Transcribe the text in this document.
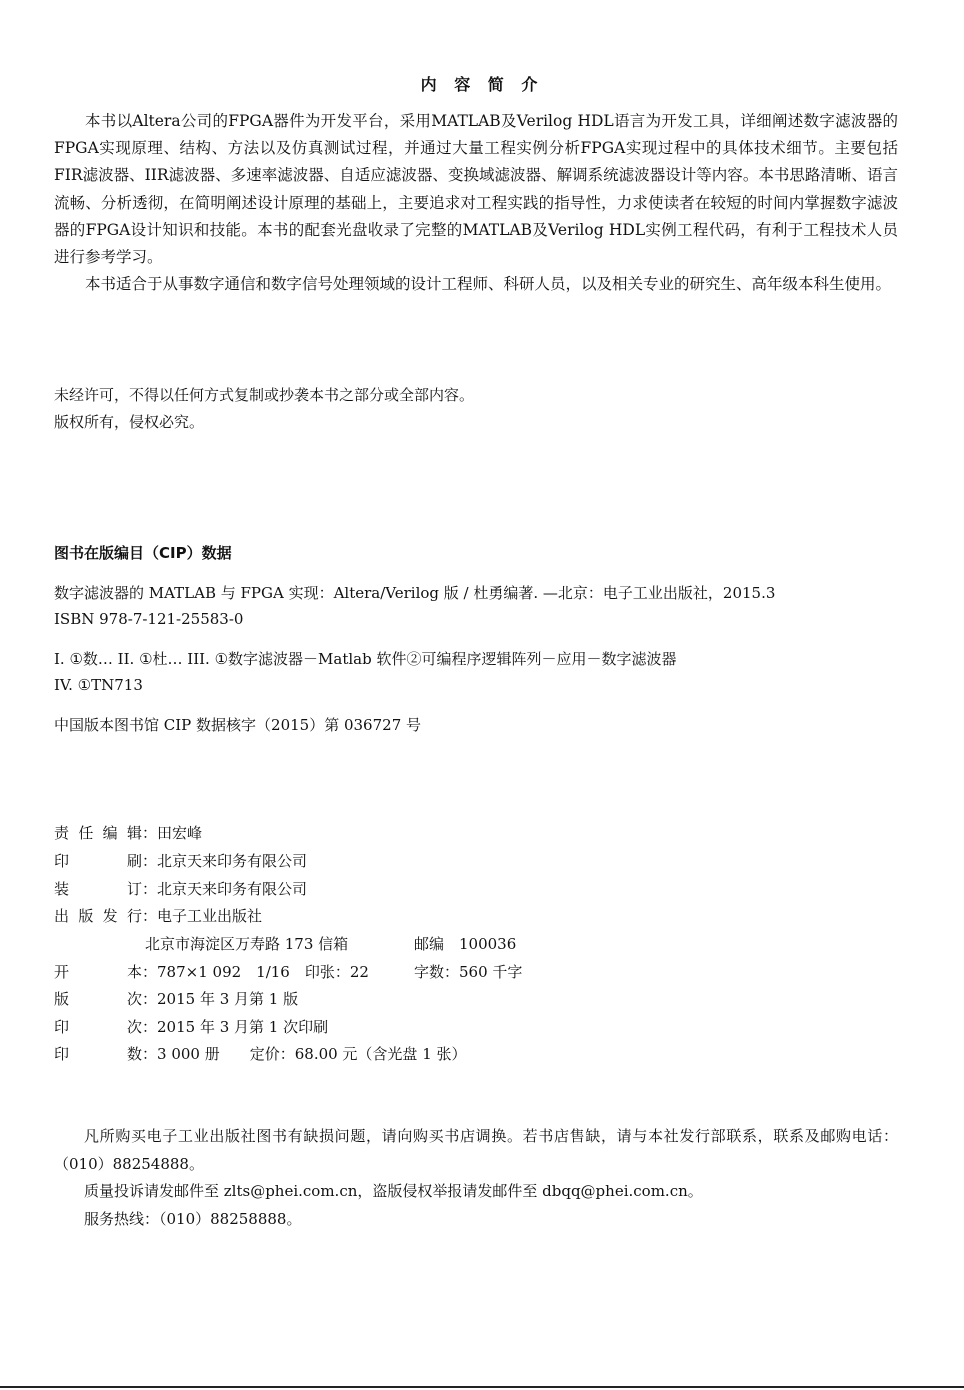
内 容 简 介

本书以Altera公司的FPGA器件为开发平台，采用MATLAB及Verilog HDL语言为开发工具，详细阐述数字滤波器的FPGA实现原理、结构、方法以及仿真测试过程，并通过大量工程实例分析FPGA实现过程中的具体技术细节。主要包括FIR滤波器、IIR滤波器、多速率滤波器、自适应滤波器、变换域滤波器、解调系统滤波器设计等内容。本书思路清晰、语言流畅、分析透彻，在简明阐述设计原理的基础上，主要追求对工程实践的指导性，力求使读者在较短的时间内掌握数字滤波器的FPGA设计知识和技能。本书的配套光盘收录了完整的MATLAB及Verilog HDL实例工程代码，有利于工程技术人员进行参考学习。

本书适合于从事数字通信和数字信号处理领域的设计工程师、科研人员，以及相关专业的研究生、高年级本科生使用。

未经许可，不得以任何方式复制或抄袭本书之部分或全部内容。
版权所有，侵权必究。
图书在版编目（CIP）数据
数字滤波器的 MATLAB 与 FPGA 实现：Altera/Verilog 版 / 杜勇编著. —北京：电子工业出版社，2015.3
ISBN 978-7-121-25583-0
I. ①数… II. ①杜… III. ①数字滤波器－Matlab 软件②可编程序逻辑阵列－应用－数字滤波器
IV. ①TN713
中国版本图书馆 CIP 数据核字（2015）第 036727 号
责任编辑：田宏峰
印刷：北京天来印务有限公司
装订：北京天来印务有限公司
出版发行：电子工业出版社
北京市海淀区万寿路 173 信箱	邮编　100036
开本：787×1 092　1/16　印张：22	字数：560 千字
版次：2015 年 3 月第 1 版
印次：2015 年 3 月第 1 次印刷
印数：3 000 册　　定价：68.00 元（含光盘 1 张）

凡所购买电子工业出版社图书有缺损问题，请向购买书店调换。若书店售缺，请与本社发行部联系，联系及邮购电话：（010）88254888。

质量投诉请发邮件至 zlts@phei.com.cn，盗版侵权举报请发邮件至 dbqq@phei.com.cn。

服务热线：（010）88258888。
